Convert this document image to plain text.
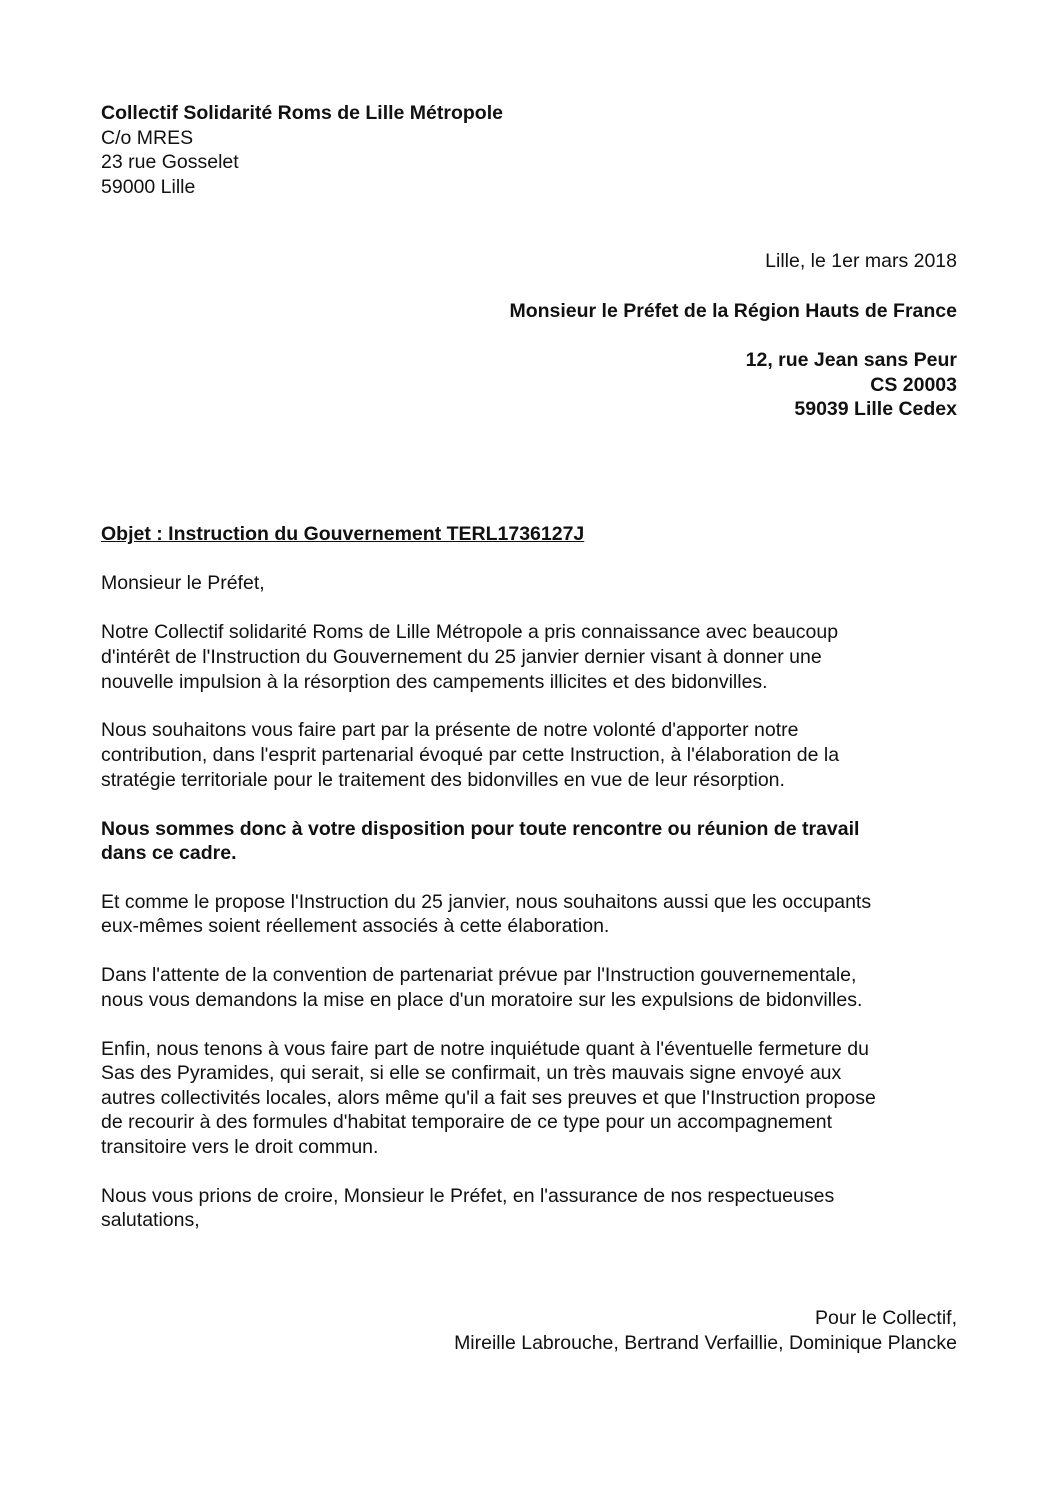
Collectif Solidarité Roms de Lille Métropole
C/o MRES
23 rue Gosselet
59000 Lille
Lille, le 1er mars 2018
Monsieur le Préfet de la Région Hauts de France
12, rue Jean sans Peur
CS 20003
59039 Lille Cedex
Objet : Instruction du Gouvernement TERL1736127J
Monsieur le Préfet,
Notre Collectif solidarité Roms de Lille Métropole a pris connaissance avec beaucoup
d'intérêt de l'Instruction du Gouvernement du 25 janvier dernier visant à donner une
nouvelle impulsion à la résorption des campements illicites et des bidonvilles.
Nous souhaitons vous faire part par la présente de notre volonté d'apporter notre
contribution, dans l'esprit partenarial évoqué par cette Instruction, à l'élaboration de la
stratégie territoriale pour le traitement des bidonvilles en vue de leur résorption.
Nous sommes donc à votre disposition pour toute rencontre ou réunion de travail
dans ce cadre.
Et comme le propose l'Instruction du 25 janvier, nous souhaitons aussi que les occupants
eux-mêmes soient réellement associés à cette élaboration.
Dans l'attente de la convention de partenariat prévue par l'Instruction gouvernementale,
nous vous demandons la mise en place d'un moratoire sur les expulsions de bidonvilles.
Enfin, nous tenons à vous faire part de notre inquiétude quant à l'éventuelle fermeture du
Sas des Pyramides, qui serait, si elle se confirmait, un très mauvais signe envoyé aux
autres collectivités locales, alors même qu'il a fait ses preuves et que l'Instruction propose
de recourir à des formules d'habitat temporaire de ce type pour un accompagnement
transitoire vers le droit commun.
Nous vous prions de croire, Monsieur le Préfet, en l'assurance de nos respectueuses
salutations,
Pour le Collectif,
Mireille Labrouche, Bertrand Verfaillie, Dominique Plancke
